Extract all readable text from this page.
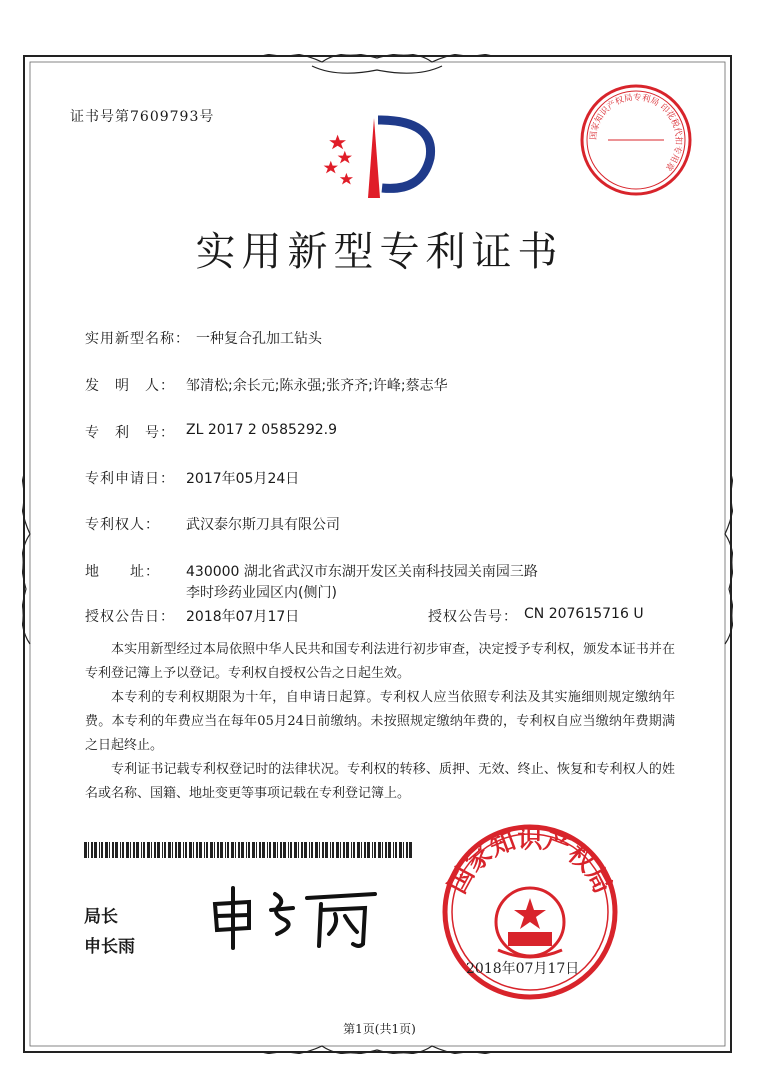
证书号第7609793号
实用新型专利证书
实用新型名称： 一种复合孔加工钻头
发　明　人： 邹清松;余长元;陈永强;张齐齐;许峰;蔡志华
专　利　号： ZL 2017 2 0585292.9
专利申请日： 2017年05月24日
专利权人： 武汉泰尔斯刀具有限公司
地　　址： 430000 湖北省武汉市东湖开发区关南科技园关南园三路
李时珍药业园区内(侧门)
授权公告日： 2018年07月17日	授权公告号： CN 207615716 U

本实用新型经过本局依照中华人民共和国专利法进行初步审查，决定授予专利权，颁发本证书并在专利登记簿上予以登记。专利权自授权公告之日起生效。

本专利的专利权期限为十年，自申请日起算。专利权人应当依照专利法及其实施细则规定缴纳年费。本专利的年费应当在每年05月24日前缴纳。未按照规定缴纳年费的，专利权自应当缴纳年费期满之日起终止。

专利证书记载专利权登记时的法律状况。专利权的转移、质押、无效、终止、恢复和专利权人的姓名或名称、国籍、地址变更等事项记载在专利登记簿上。

局长
申长雨
国家知识产权局
2018年07月17日
国家知识产权局专利局 印花税代扣专用章
第1页(共1页)
